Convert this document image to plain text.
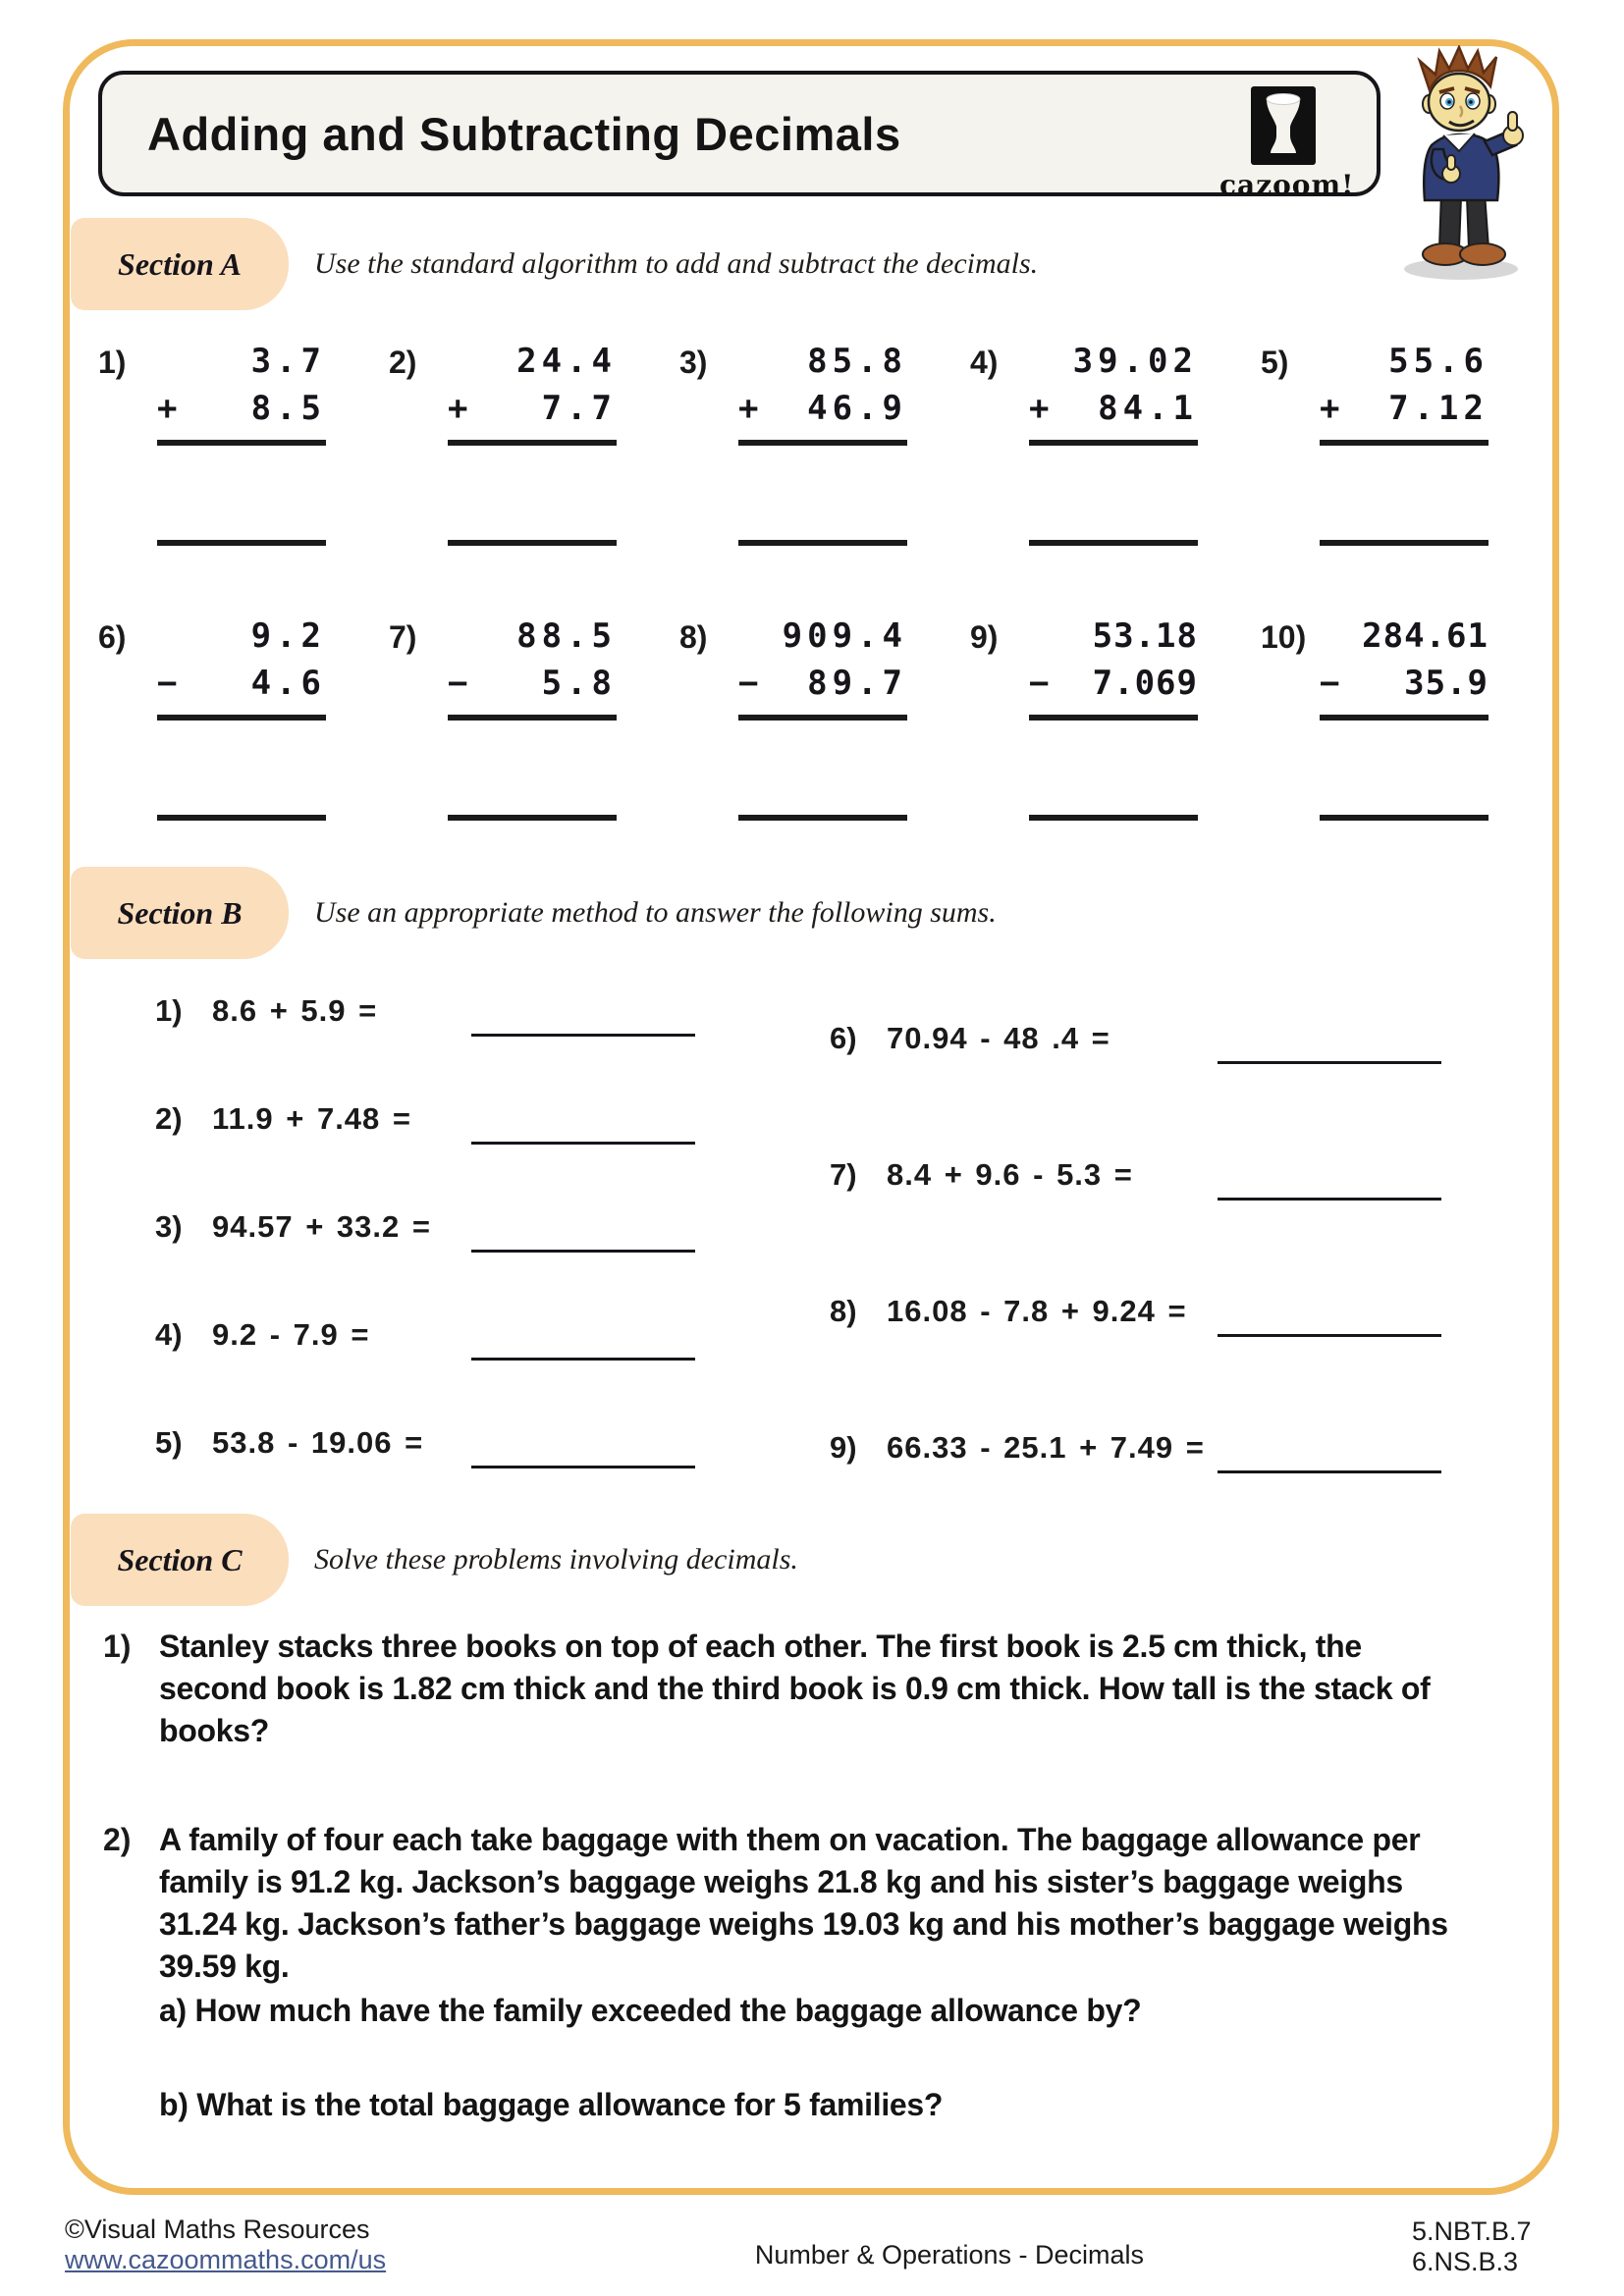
Adding and Subtracting Decimals
cazoom!
Section A	Use the standard algorithm to add and subtract the decimals.
1)	3.7
+ 8.5
2)	24.4
+ 7.7
3)	85.8
+ 46.9
4)	39.02
+ 84.1
5)	55.6
+ 7.12
6)	9.2
− 4.6
7)	88.5
− 5.8
8)	909.4
− 89.7
9)	53.18
− 7.069
10)	284.61
− 35.9
Section B	Use an appropriate method to answer the following sums.
1) 8.6 + 5.9 =
2) 11.9 + 7.48 =
3) 94.57 + 33.2 =
4) 9.2 - 7.9 =
5) 53.8 - 19.06 =
6) 70.94 - 48 .4 =
7) 8.4 + 9.6 - 5.3 =
8) 16.08 - 7.8 + 9.24 =
9) 66.33 - 25.1 + 7.49 =
Section C	Solve these problems involving decimals.
1) Stanley stacks three books on top of each other. The first book is 2.5 cm thick, the second book is 1.82 cm thick and the third book is 0.9 cm thick. How tall is the stack of books?
2) A family of four each take baggage with them on vacation. The baggage allowance per family is 91.2 kg. Jackson’s baggage weighs 21.8 kg and his sister’s baggage weighs 31.24 kg. Jackson’s father’s baggage weighs 19.03 kg and his mother’s baggage weighs 39.59 kg.
a) How much have the family exceeded the baggage allowance by?
b) What is the total baggage allowance for 5 families?
©Visual Maths Resources
www.cazoommaths.com/us	Number & Operations - Decimals
5.NBT.B.7
6.NS.B.3
